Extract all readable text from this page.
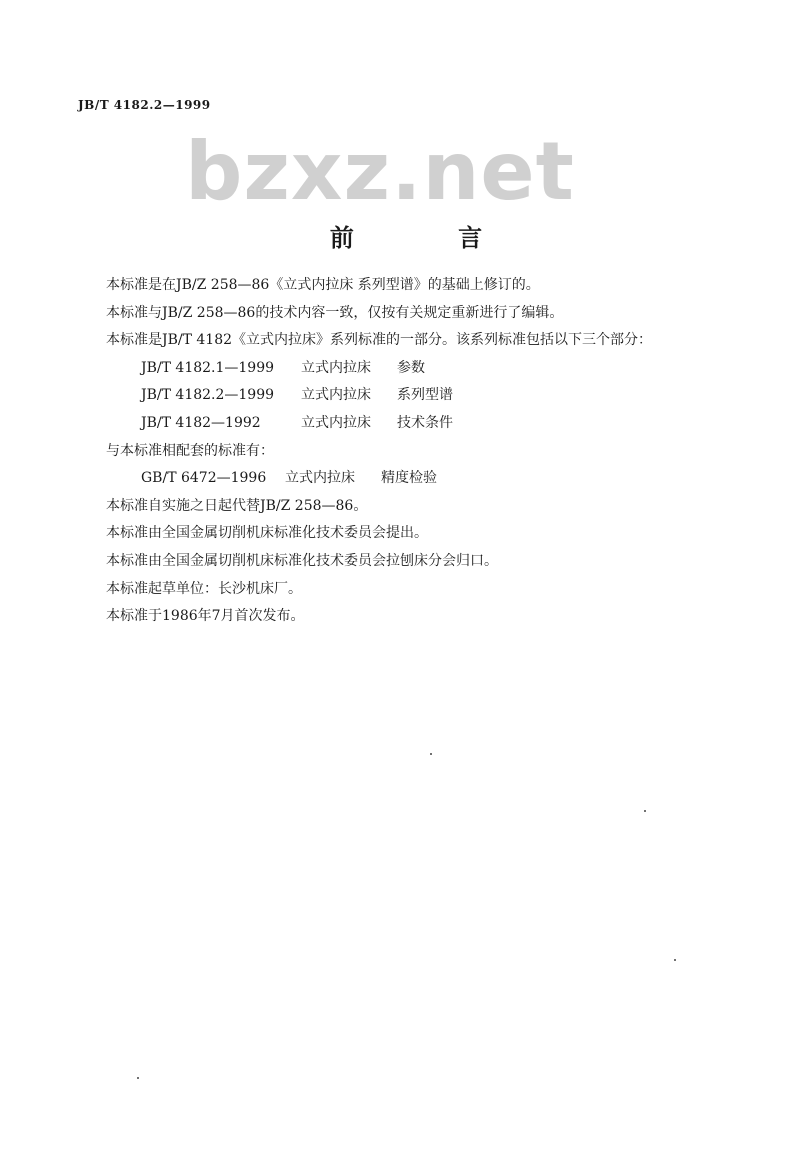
JB/T 4182.2—1999
bzxz.net
前 言
本标准是在JB/Z 258—86《立式内拉床 系列型谱》的基础上修订的。
本标准与JB/Z 258—86的技术内容一致，仅按有关规定重新进行了编辑。
本标准是JB/T 4182《立式内拉床》系列标准的一部分。该系列标准包括以下三个部分：
JB/T 4182.1—1999 立式内拉床 参数
JB/T 4182.2—1999 立式内拉床 系列型谱
JB/T 4182—1992	立式内拉床 技术条件
与本标准相配套的标准有：
GB/T 6472—1996 立式内拉床 精度检验
本标准自实施之日起代替JB/Z 258—86。
本标准由全国金属切削机床标准化技术委员会提出。
本标准由全国金属切削机床标准化技术委员会拉刨床分会归口。
本标准起草单位：长沙机床厂。
本标准于1986年7月首次发布。
